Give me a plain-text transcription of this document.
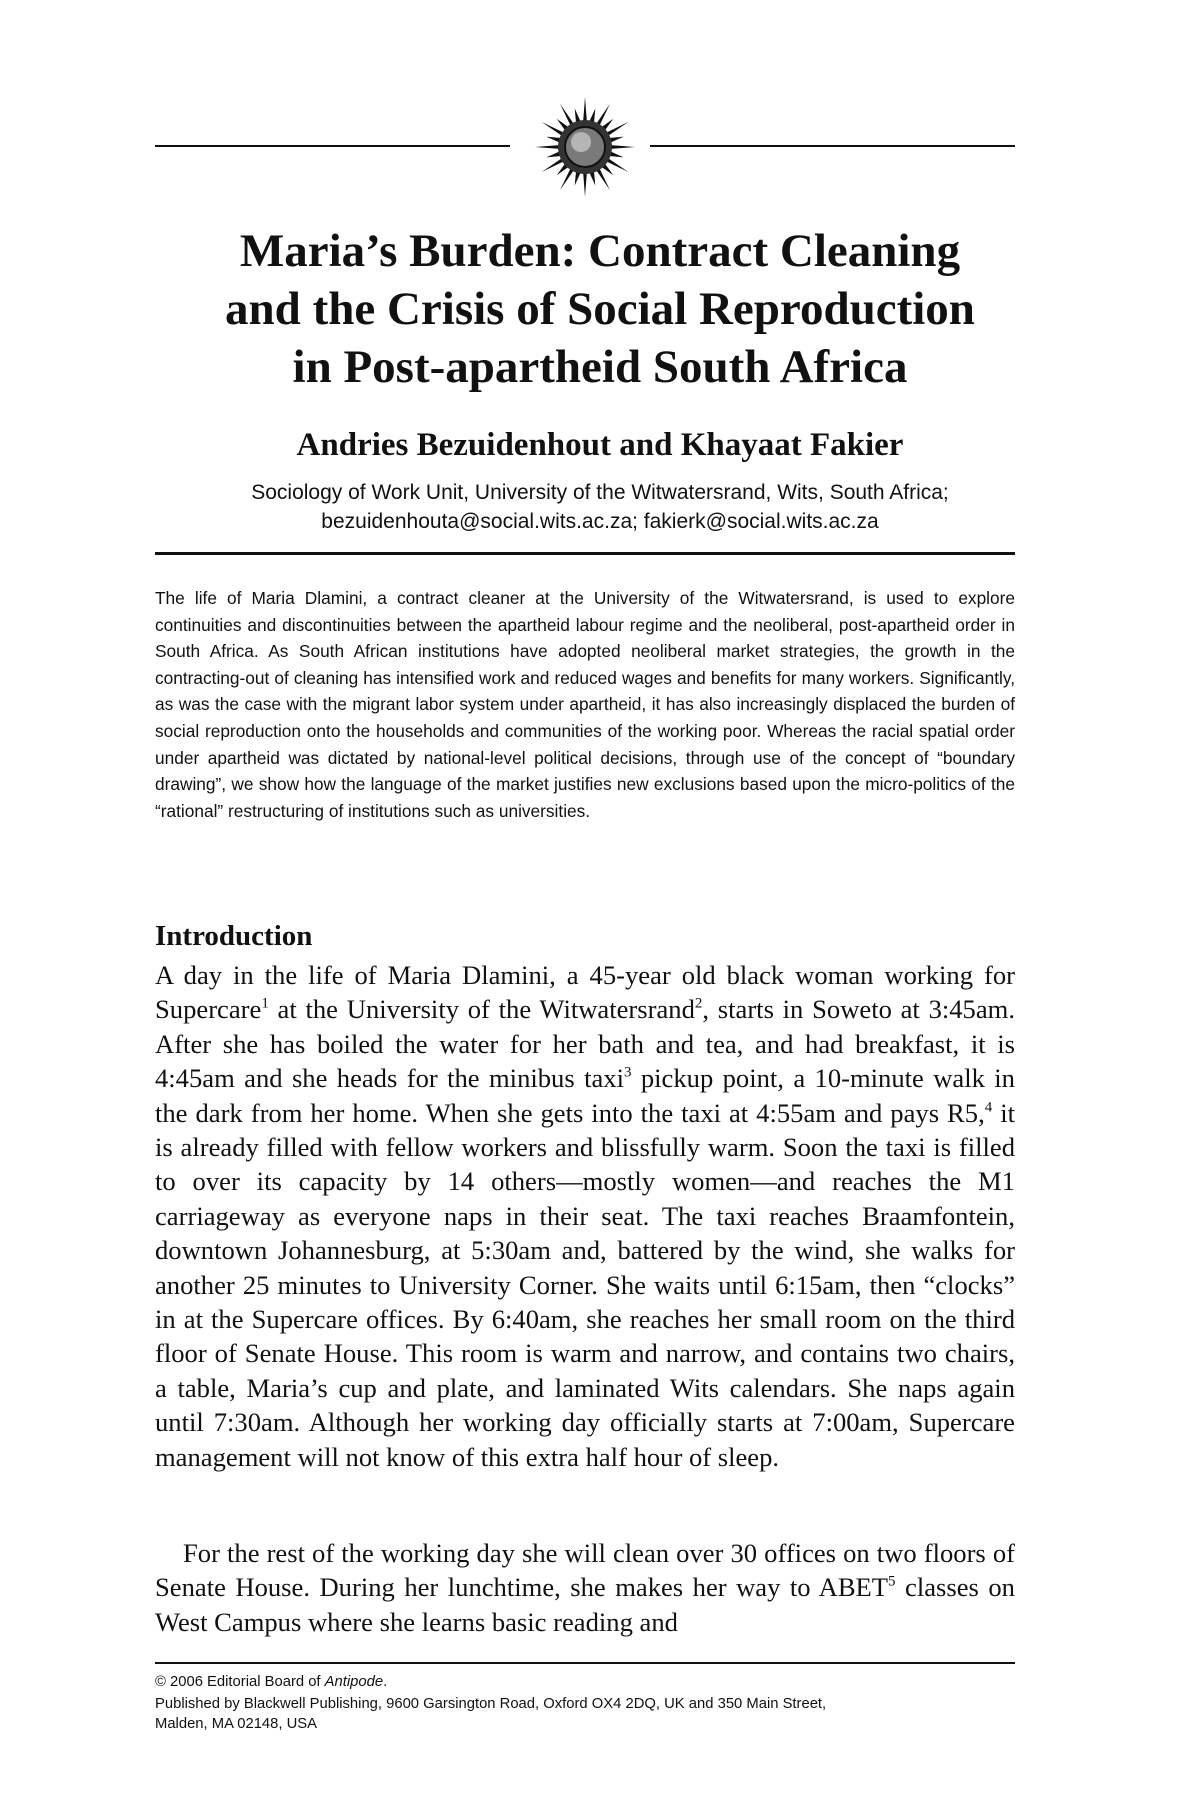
Maria’s Burden: Contract Cleaning
and the Crisis of Social Reproduction
in Post-apartheid South Africa

Andries Bezuidenhout and Khayaat Fakier

Sociology of Work Unit, University of the Witwatersrand, Wits, South Africa;
bezuidenhouta@social.wits.ac.za; fakierk@social.wits.ac.za

The life of Maria Dlamini, a contract cleaner at the University of the Witwatersrand, is used to explore continuities and discontinuities between the apartheid labour regime and the neoliberal, post-apartheid order in South Africa. As South African institutions have adopted neoliberal market strategies, the growth in the contracting-out of cleaning has intensified work and reduced wages and benefits for many workers. Significantly, as was the case with the migrant labor system under apartheid, it has also increasingly displaced the burden of social reproduction onto the households and communities of the working poor. Whereas the racial spatial order under apartheid was dictated by national-level political decisions, through use of the concept of “boundary drawing”, we show how the language of the market justifies new exclusions based upon the micro-politics of the “rational” restructuring of institutions such as universities.

Introduction

A day in the life of Maria Dlamini, a 45-year old black woman working for Supercare$^1$ at the University of the Witwatersrand$^2$, starts in Soweto at 3:45am. After she has boiled the water for her bath and tea, and had breakfast, it is 4:45am and she heads for the minibus taxi$^3$ pickup point, a 10-minute walk in the dark from her home. When she gets into the taxi at 4:55am and pays R5,$^4$ it is already filled with fellow workers and blissfully warm. Soon the taxi is filled to over its capacity by 14 others—mostly women—and reaches the M1 carriageway as everyone naps in their seat. The taxi reaches Braamfontein, downtown Johannesburg, at 5:30am and, battered by the wind, she walks for another 25 minutes to University Corner. She waits until 6:15am, then “clocks” in at the Supercare offices. By 6:40am, she reaches her small room on the third floor of Senate House. This room is warm and narrow, and contains two chairs, a table, Maria’s cup and plate, and laminated Wits calendars. She naps again until 7:30am. Although her working day officially starts at 7:00am, Supercare management will not know of this extra half hour of sleep.

For the rest of the working day she will clean over 30 offices on two floors of Senate House. During her lunchtime, she makes her way to ABET$^5$ classes on West Campus where she learns basic reading and

© 2006 Editorial Board of Antipode.
Published by Blackwell Publishing, 9600 Garsington Road, Oxford OX4 2DQ, UK and 350 Main Street,
Malden, MA 02148, USA
